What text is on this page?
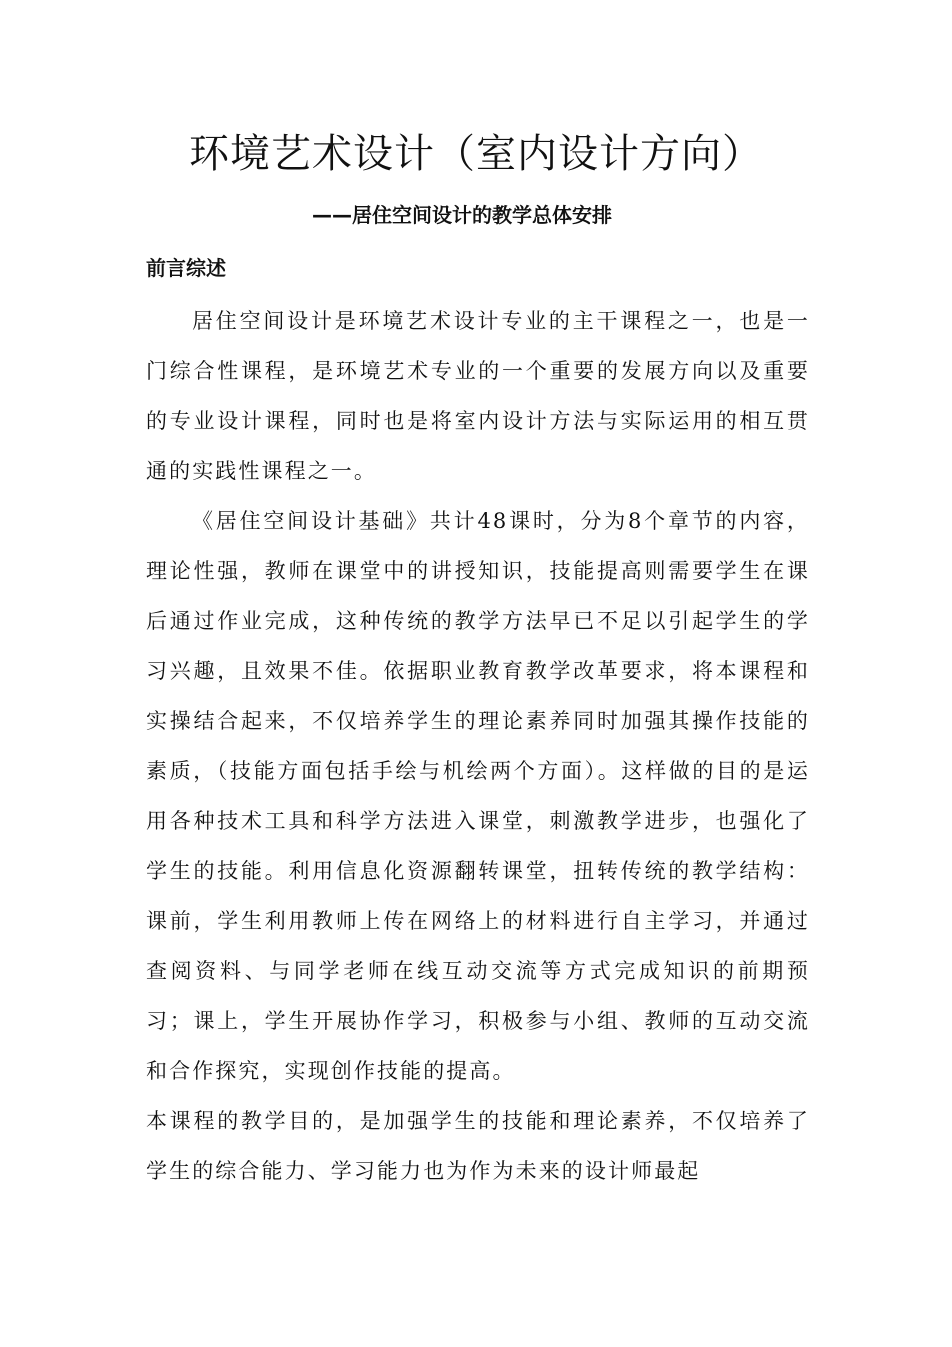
环境艺术设计（室内设计方向）
——居住空间设计的教学总体安排
前言综述

居住空间设计是环境艺术设计专业的主干课程之一，也是一门综合性课程，是环境艺术专业的一个重要的发展方向以及重要的专业设计课程，同时也是将室内设计方法与实际运用的相互贯通的实践性课程之一。

《居住空间设计基础》共计48课时，分为8个章节的内容，理论性强，教师在课堂中的讲授知识，技能提高则需要学生在课后通过作业完成，这种传统的教学方法早已不足以引起学生的学习兴趣，且效果不佳。依据职业教育教学改革要求，将本课程和实操结合起来，不仅培养学生的理论素养同时加强其操作技能的素质，（技能方面包括手绘与机绘两个方面）。这样做的目的是运用各种技术工具和科学方法进入课堂，刺激教学进步，也强化了学生的技能。利用信息化资源翻转课堂，扭转传统的教学结构：课前，学生利用教师上传在网络上的材料进行自主学习，并通过查阅资料、与同学老师在线互动交流等方式完成知识的前期预习；课上，学生开展协作学习，积极参与小组、教师的互动交流和合作探究，实现创作技能的提高。

本课程的教学目的，是加强学生的技能和理论素养，不仅培养了学生的综合能力、学习能力也为作为未来的设计师最起
